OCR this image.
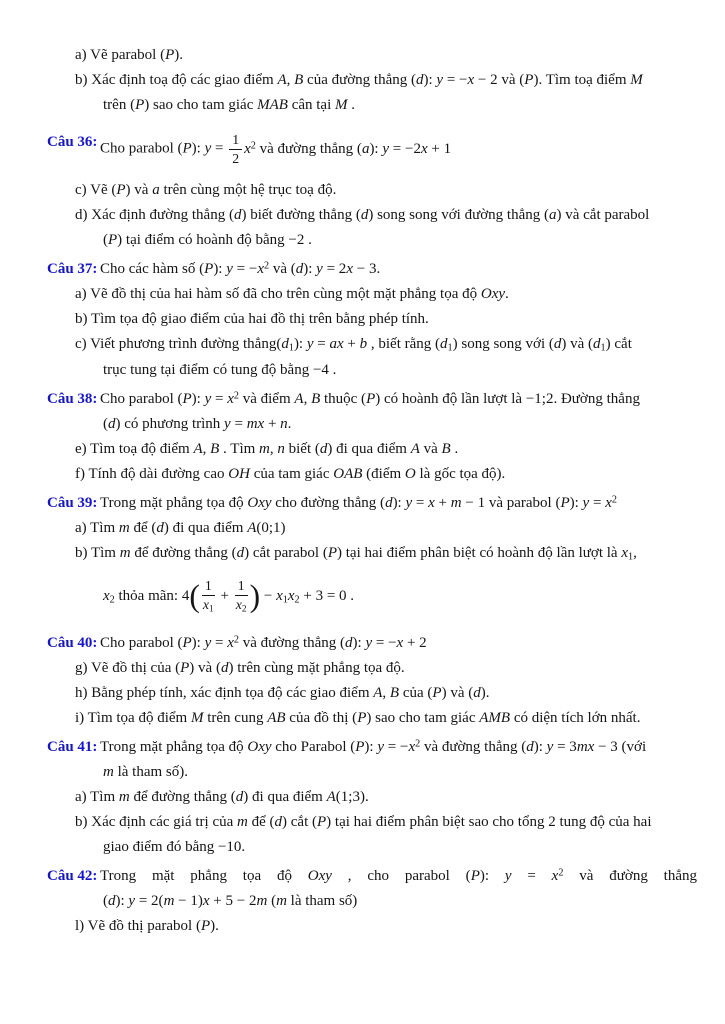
a) Vẽ parabol (P).
b) Xác định toạ độ các giao điểm A, B của đường thẳng (d): y = −x − 2 và (P). Tìm toạ điểm M
trên (P) sao cho tam giác MAB cân tại M .
Câu 36: Cho parabol (P): $y = \frac{1}{2} x^2$ và đường thẳng (a): y = −2x + 1
c) Vẽ (P) và a trên cùng một hệ trục toạ độ.
d) Xác định đường thẳng (d) biết đường thẳng (d) song song với đường thẳng (a) và cắt parabol
(P) tại điểm có hoành độ bằng −2 .
Câu 37: Cho các hàm số (P): $y = -x^2$ và (d): y = 2x − 3.
a) Vẽ đồ thị của hai hàm số đã cho trên cùng một mặt phẳng tọa độ Oxy.
b) Tìm tọa độ giao điểm của hai đồ thị trên bằng phép tính.
c) Viết phương trình đường $thẳng(d_1)$: y = ax + b , biết rằng $(d_1)$ song song với (d) và $(d_1)$ cắt
trục tung tại điểm có tung độ bằng −4 .
Câu 38: Cho parabol (P): $y = x^2$ và điểm A, B thuộc (P) có hoành độ lần lượt là −1;2. Đường thẳng
(d) có phương trình y = mx + n.
e) Tìm toạ độ điểm A, B . Tìm m, n biết (d) đi qua điểm A và B .
f) Tính độ dài đường cao OH của tam giác OAB (điểm O là gốc tọa độ).
Câu 39: Trong mặt phẳng tọa độ Oxy cho đường thẳng (d): y = x + m − 1 và parabol (P): $y = x^2$
a) Tìm m để (d) đi qua điểm A(0;1)
b) Tìm m để đường thẳng (d) cắt parabol (P) tại hai điểm phân biệt có hoành độ lần lượt là $x_1$,
$x_2$ thỏa mãn: $4( \frac{1}{x_1} + \frac{1}{x_2}$ ) − $x_1x_2 + 3 = 0$ .
Câu 40: Cho parabol (P): $y = x^2$ và đường thẳng (d): y = −x + 2
g) Vẽ đồ thị của (P) và (d) trên cùng mặt phẳng tọa độ.
h) Bằng phép tính, xác định tọa độ các giao điểm A, B của (P) và (d).
i) Tìm tọa độ điểm M trên cung AB của đồ thị (P) sao cho tam giác AMB có diện tích lớn nhất.
Câu 41: Trong mặt phẳng tọa độ Oxy cho Parabol (P): $y = -x^2$ và đường thẳng (d): y = 3mx − 3 (với
m là tham số).
a) Tìm m để đường thẳng (d) đi qua điểm A(1;3).
b) Xác định các giá trị của m để (d) cắt (P) tại hai điểm phân biệt sao cho tổng 2 tung độ của hai
giao điểm đó bằng −10.
Câu 42: Trong mặt phẳng tọa độ Oxy , cho parabol (P): $y = x^2$ và đường thẳng
(d): y = 2(m − 1)x + 5 − 2m (m là tham số)
l) Vẽ đồ thị parabol (P).
